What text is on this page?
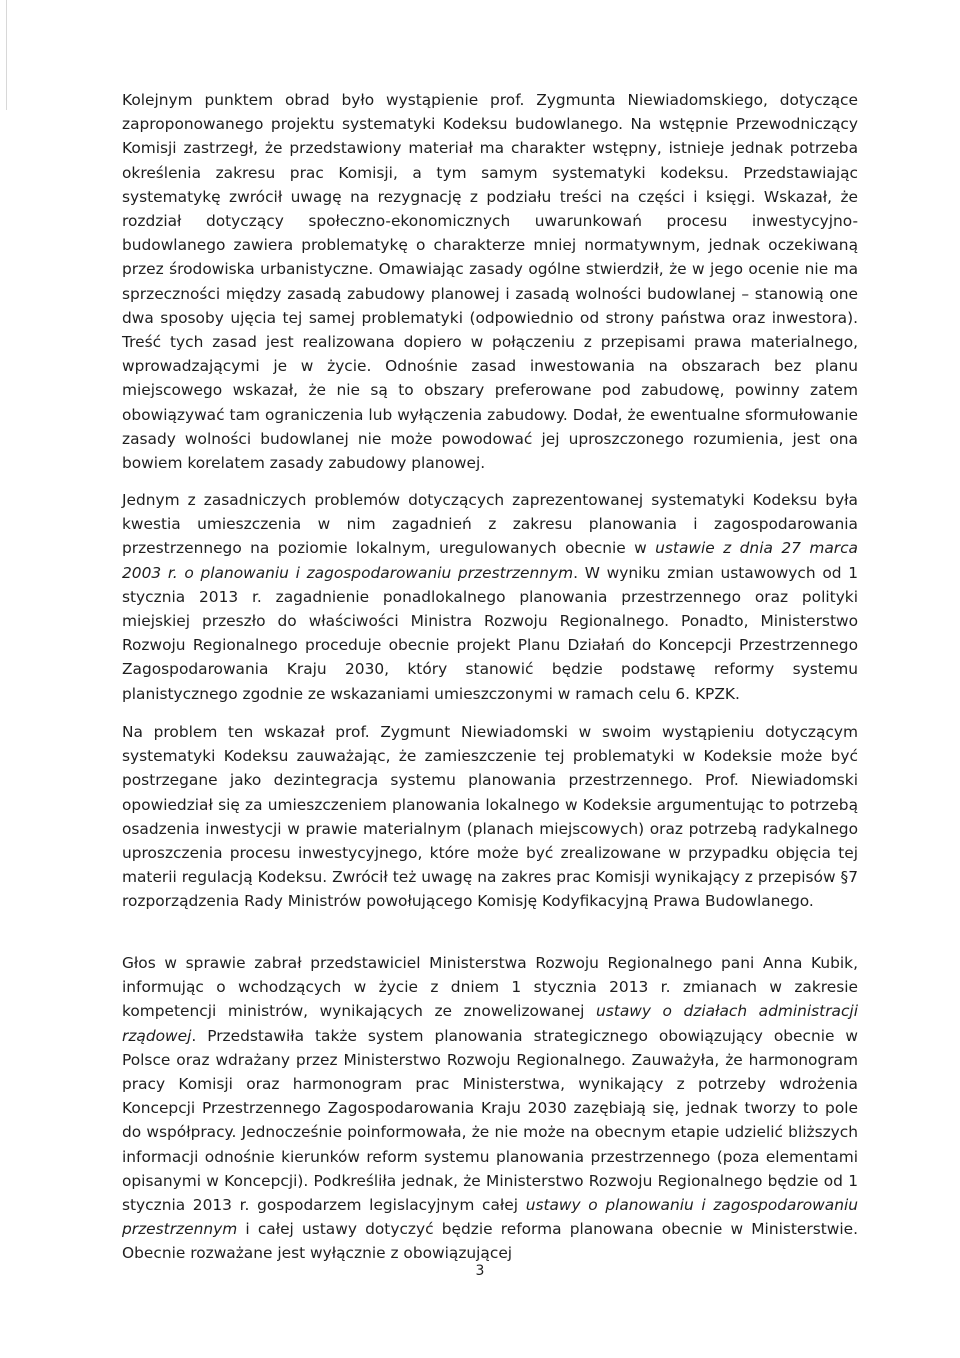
Kolejnym punktem obrad było wystąpienie prof. Zygmunta Niewiadomskiego, dotyczące zaproponowanego projektu systematyki Kodeksu budowlanego. Na wstępnie Przewodniczący Komisji zastrzegł, że przedstawiony materiał ma charakter wstępny, istnieje jednak potrzeba określenia zakresu prac Komisji, a tym samym systematyki kodeksu. Przedstawiając systematykę zwrócił uwagę na rezygnację z podziału treści na części i księgi. Wskazał, że rozdział dotyczący społeczno-ekonomicznych uwarunkowań procesu inwestycyjno-budowlanego zawiera problematykę o charakterze mniej normatywnym, jednak oczekiwaną przez środowiska urbanistyczne. Omawiając zasady ogólne stwierdził, że w jego ocenie nie ma sprzeczności między zasadą zabudowy planowej i zasadą wolności budowlanej – stanowią one dwa sposoby ujęcia tej samej problematyki (odpowiednio od strony państwa oraz inwestora). Treść tych zasad jest realizowana dopiero w połączeniu z przepisami prawa materialnego, wprowadzającymi je w życie. Odnośnie zasad inwestowania na obszarach bez planu miejscowego wskazał, że nie są to obszary preferowane pod zabudowę, powinny zatem obowiązywać tam ograniczenia lub wyłączenia zabudowy. Dodał, że ewentualne sformułowanie zasady wolności budowlanej nie może powodować jej uproszczonego rozumienia, jest ona bowiem korelatem zasady zabudowy planowej.

Jednym z zasadniczych problemów dotyczących zaprezentowanej systematyki Kodeksu była kwestia umieszczenia w nim zagadnień z zakresu planowania i zagospodarowania przestrzennego na poziomie lokalnym, uregulowanych obecnie w ustawie z dnia 27 marca 2003 r. o planowaniu i zagospodarowaniu przestrzennym. W wyniku zmian ustawowych od 1 stycznia 2013 r. zagadnienie ponadlokalnego planowania przestrzennego oraz polityki miejskiej przeszło do właściwości Ministra Rozwoju Regionalnego. Ponadto, Ministerstwo Rozwoju Regionalnego proceduje obecnie projekt Planu Działań do Koncepcji Przestrzennego Zagospodarowania Kraju 2030, który stanowić będzie podstawę reformy systemu planistycznego zgodnie ze wskazaniami umieszczonymi w ramach celu 6. KPZK.

Na problem ten wskazał prof. Zygmunt Niewiadomski w swoim wystąpieniu dotyczącym systematyki Kodeksu zauważając, że zamieszczenie tej problematyki w Kodeksie może być postrzegane jako dezintegracja systemu planowania przestrzennego. Prof. Niewiadomski opowiedział się za umieszczeniem planowania lokalnego w Kodeksie argumentując to potrzebą osadzenia inwestycji w prawie materialnym (planach miejscowych) oraz potrzebą radykalnego uproszczenia procesu inwestycyjnego, które może być zrealizowane w przypadku objęcia tej materii regulacją Kodeksu. Zwrócił też uwagę na zakres prac Komisji wynikający z przepisów §7 rozporządzenia Rady Ministrów powołującego Komisję Kodyfikacyjną Prawa Budowlanego.

Głos w sprawie zabrał przedstawiciel Ministerstwa Rozwoju Regionalnego pani Anna Kubik, informując o wchodzących w życie z dniem 1 stycznia 2013 r. zmianach w zakresie kompetencji ministrów, wynikających ze znowelizowanej ustawy o działach administracji rządowej. Przedstawiła także system planowania strategicznego obowiązujący obecnie w Polsce oraz wdrażany przez Ministerstwo Rozwoju Regionalnego. Zauważyła, że harmonogram pracy Komisji oraz harmonogram prac Ministerstwa, wynikający z potrzeby wdrożenia Koncepcji Przestrzennego Zagospodarowania Kraju 2030 zazębiają się, jednak tworzy to pole do współpracy. Jednocześnie poinformowała, że nie może na obecnym etapie udzielić bliższych informacji odnośnie kierunków reform systemu planowania przestrzennego (poza elementami opisanymi w Koncepcji). Podkreśliła jednak, że Ministerstwo Rozwoju Regionalnego będzie od 1 stycznia 2013 r. gospodarzem legislacyjnym całej ustawy o planowaniu i zagospodarowaniu przestrzennym i całej ustawy dotyczyć będzie reforma planowana obecnie w Ministerstwie. Obecnie rozważane jest wyłącznie z obowiązującej

3
